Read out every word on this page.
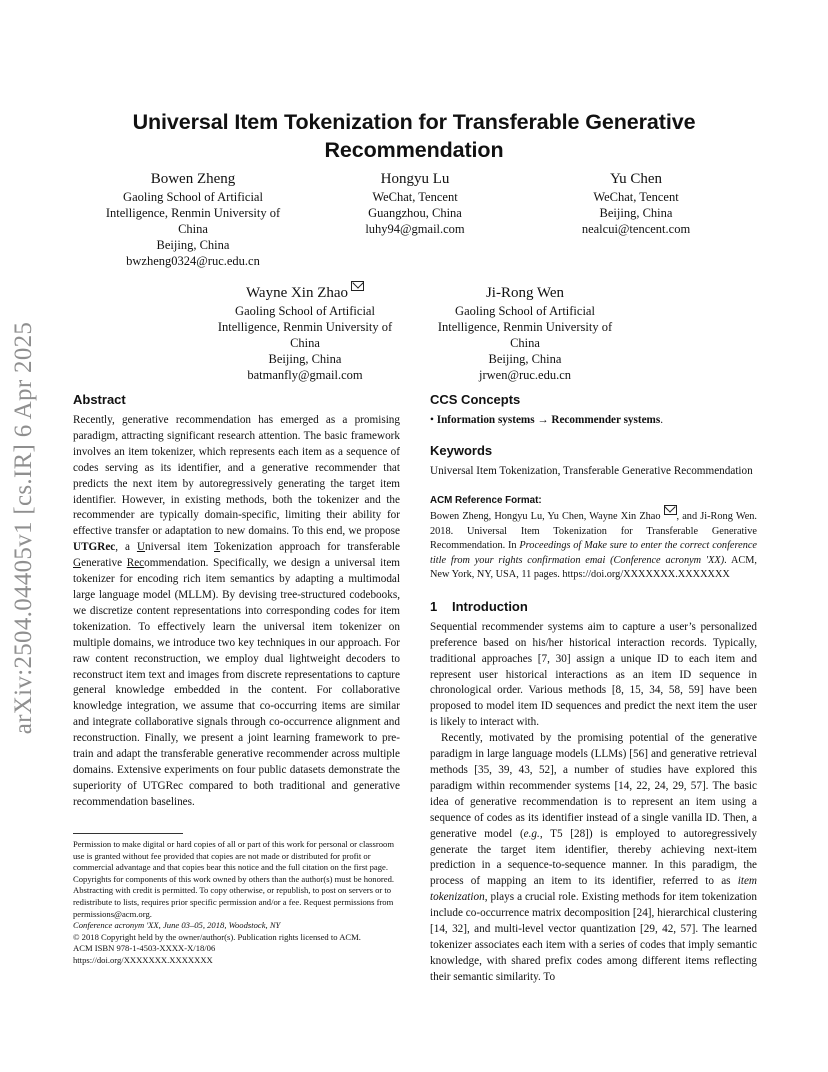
arXiv:2504.04405v1 [cs.IR] 6 Apr 2025
Universal Item Tokenization for Transferable Generative
Recommendation
Bowen Zheng
Gaoling School of Artificial
Intelligence, Renmin University of
China
Beijing, China
bwzheng0324@ruc.edu.cn
Hongyu Lu
WeChat, Tencent
Guangzhou, China
luhy94@gmail.com
Yu Chen
WeChat, Tencent
Beijing, China
nealcui@tencent.com
Wayne Xin Zhao
Gaoling School of Artificial
Intelligence, Renmin University of
China
Beijing, China
batmanfly@gmail.com
Ji-Rong Wen
Gaoling School of Artificial
Intelligence, Renmin University of
China
Beijing, China
jrwen@ruc.edu.cn
Abstract

Recently, generative recommendation has emerged as a promising paradigm, attracting significant research attention. The basic framework involves an item tokenizer, which represents each item as a sequence of codes serving as its identifier, and a generative recommender that predicts the next item by autoregressively generating the target item identifier. However, in existing methods, both the tokenizer and the recommender are typically domain-specific, limiting their ability for effective transfer or adaptation to new domains. To this end, we propose UTGRec, a Universal item Tokenization approach for transferable Generative Recommendation. Specifically, we design a universal item tokenizer for encoding rich item semantics by adapting a multimodal large language model (MLLM). By devising tree-structured codebooks, we discretize content representations into corresponding codes for item tokenization. To effectively learn the universal item tokenizer on multiple domains, we introduce two key techniques in our approach. For raw content reconstruction, we employ dual lightweight decoders to reconstruct item text and images from discrete representations to capture general knowledge embedded in the content. For collaborative knowledge integration, we assume that co-occurring items are similar and integrate collaborative signals through co-occurrence alignment and reconstruction. Finally, we present a joint learning framework to pre-train and adapt the transferable generative recommender across multiple domains. Extensive experiments on four public datasets demonstrate the superiority of UTGRec compared to both traditional and generative recommendation baselines.

Permission to make digital or hard copies of all or part of this work for personal or classroom use is granted without fee provided that copies are not made or distributed for profit or commercial advantage and that copies bear this notice and the full citation on the first page. Copyrights for components of this work owned by others than the author(s) must be honored. Abstracting with credit is permitted. To copy otherwise, or republish, to post on servers or to redistribute to lists, requires prior specific permission and/or a fee. Request permissions from permissions@acm.org.
Conference acronym 'XX, June 03–05, 2018, Woodstock, NY
© 2018 Copyright held by the owner/author(s). Publication rights licensed to ACM.
ACM ISBN 978-1-4503-XXXX-X/18/06
https://doi.org/XXXXXXX.XXXXXXX
CCS Concepts

• Information systems → Recommender systems.

Keywords

Universal Item Tokenization, Transferable Generative Recommendation

ACM Reference Format:

Bowen Zheng, Hongyu Lu, Yu Chen, Wayne Xin Zhao , and Ji-Rong Wen. 2018. Universal Item Tokenization for Transferable Generative Recommendation. In Proceedings of Make sure to enter the correct conference title from your rights confirmation emai (Conference acronym 'XX). ACM, New York, NY, USA, 11 pages. https://doi.org/XXXXXXX.XXXXXXX

1 Introduction

Sequential recommender systems aim to capture a user’s personalized preference based on his/her historical interaction records. Typically, traditional approaches [7, 30] assign a unique ID to each item and represent user historical interactions as an item ID sequence in chronological order. Various methods [8, 15, 34, 58, 59] have been proposed to model item ID sequences and predict the next item the user is likely to interact with.

Recently, motivated by the promising potential of the generative paradigm in large language models (LLMs) [56] and generative retrieval methods [35, 39, 43, 52], a number of studies have explored this paradigm within recommender systems [14, 22, 24, 29, 57]. The basic idea of generative recommendation is to represent an item using a sequence of codes as its identifier instead of a single vanilla ID. Then, a generative model (e.g., T5 [28]) is employed to autoregressively generate the target item identifier, thereby achieving next-item prediction in a sequence-to-sequence manner. In this paradigm, the process of mapping an item to its identifier, referred to as item tokenization, plays a crucial role. Existing methods for item tokenization include co-occurrence matrix decomposition [24], hierarchical clustering [14, 32], and multi-level vector quantization [29, 42, 57]. The learned tokenizer associates each item with a series of codes that imply semantic knowledge, with shared prefix codes among different items reflecting their semantic similarity. To
